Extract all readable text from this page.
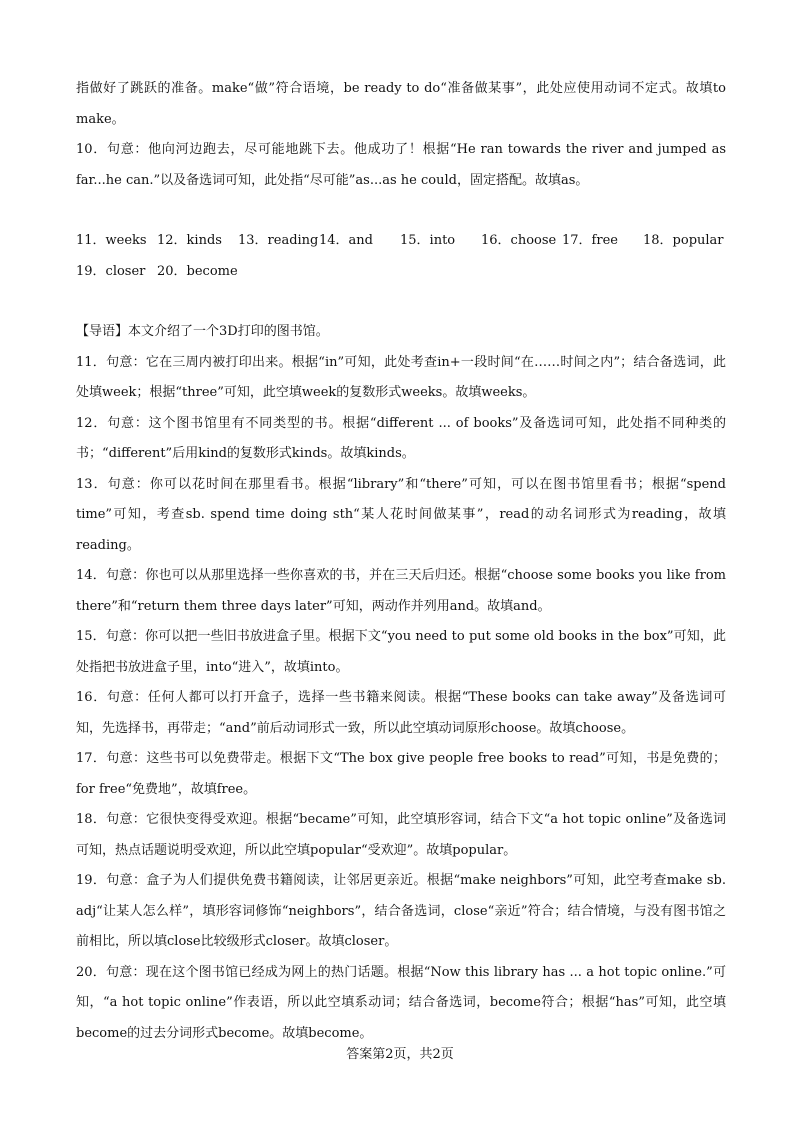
指做好了跳跃的准备。make“做”符合语境，be ready to do“准备做某事”，此处应使用动词不定式。故填to make。

10．句意：他向河边跑去，尽可能地跳下去。他成功了！根据“He ran towards the river and jumped as far...he can.”以及备选词可知，此处指“尽可能”as...as he could，固定搭配。故填as。

11．weeks 12．kinds	13．reading 14．and	15．into	16．choose 17．free	18．popular
19．closer 20．become

【导语】本文介绍了一个3D打印的图书馆。

11．句意：它在三周内被打印出来。根据“in”可知，此处考查in+一段时间“在……时间之内”；结合备选词，此处填week；根据“three”可知，此空填week的复数形式weeks。故填weeks。

12．句意：这个图书馆里有不同类型的书。根据“different ... of books”及备选词可知，此处指不同种类的书；“different”后用kind的复数形式kinds。故填kinds。

13．句意：你可以花时间在那里看书。根据“library”和“there”可知，可以在图书馆里看书；根据“spend time”可知，考查sb. spend time doing sth“某人花时间做某事”，read的动名词形式为reading，故填reading。

14．句意：你也可以从那里选择一些你喜欢的书，并在三天后归还。根据“choose some books you like from there”和“return them three days later”可知，两动作并列用and。故填and。

15．句意：你可以把一些旧书放进盒子里。根据下文“you need to put some old books in the box”可知，此处指把书放进盒子里，into“进入”，故填into。

16．句意：任何人都可以打开盒子，选择一些书籍来阅读。根据“These books can take away”及备选词可知，先选择书，再带走；“and”前后动词形式一致，所以此空填动词原形choose。故填choose。

17．句意：这些书可以免费带走。根据下文“The box give people free books to read”可知，书是免费的；for free“免费地”，故填free。

18．句意：它很快变得受欢迎。根据“became”可知，此空填形容词，结合下文“a hot topic online”及备选词可知，热点话题说明受欢迎，所以此空填popular“受欢迎”。故填popular。

19．句意：盒子为人们提供免费书籍阅读，让邻居更亲近。根据“make neighbors”可知，此空考查make sb. adj“让某人怎么样”，填形容词修饰“neighbors”，结合备选词，close“亲近”符合；结合情境，与没有图书馆之前相比，所以填close比较级形式closer。故填closer。

20．句意：现在这个图书馆已经成为网上的热门话题。根据“Now this library has ... a hot topic online.”可知，“a hot topic online”作表语，所以此空填系动词；结合备选词，become符合；根据“has”可知，此空填become的过去分词形式become。故填become。

答案第2页，共2页
